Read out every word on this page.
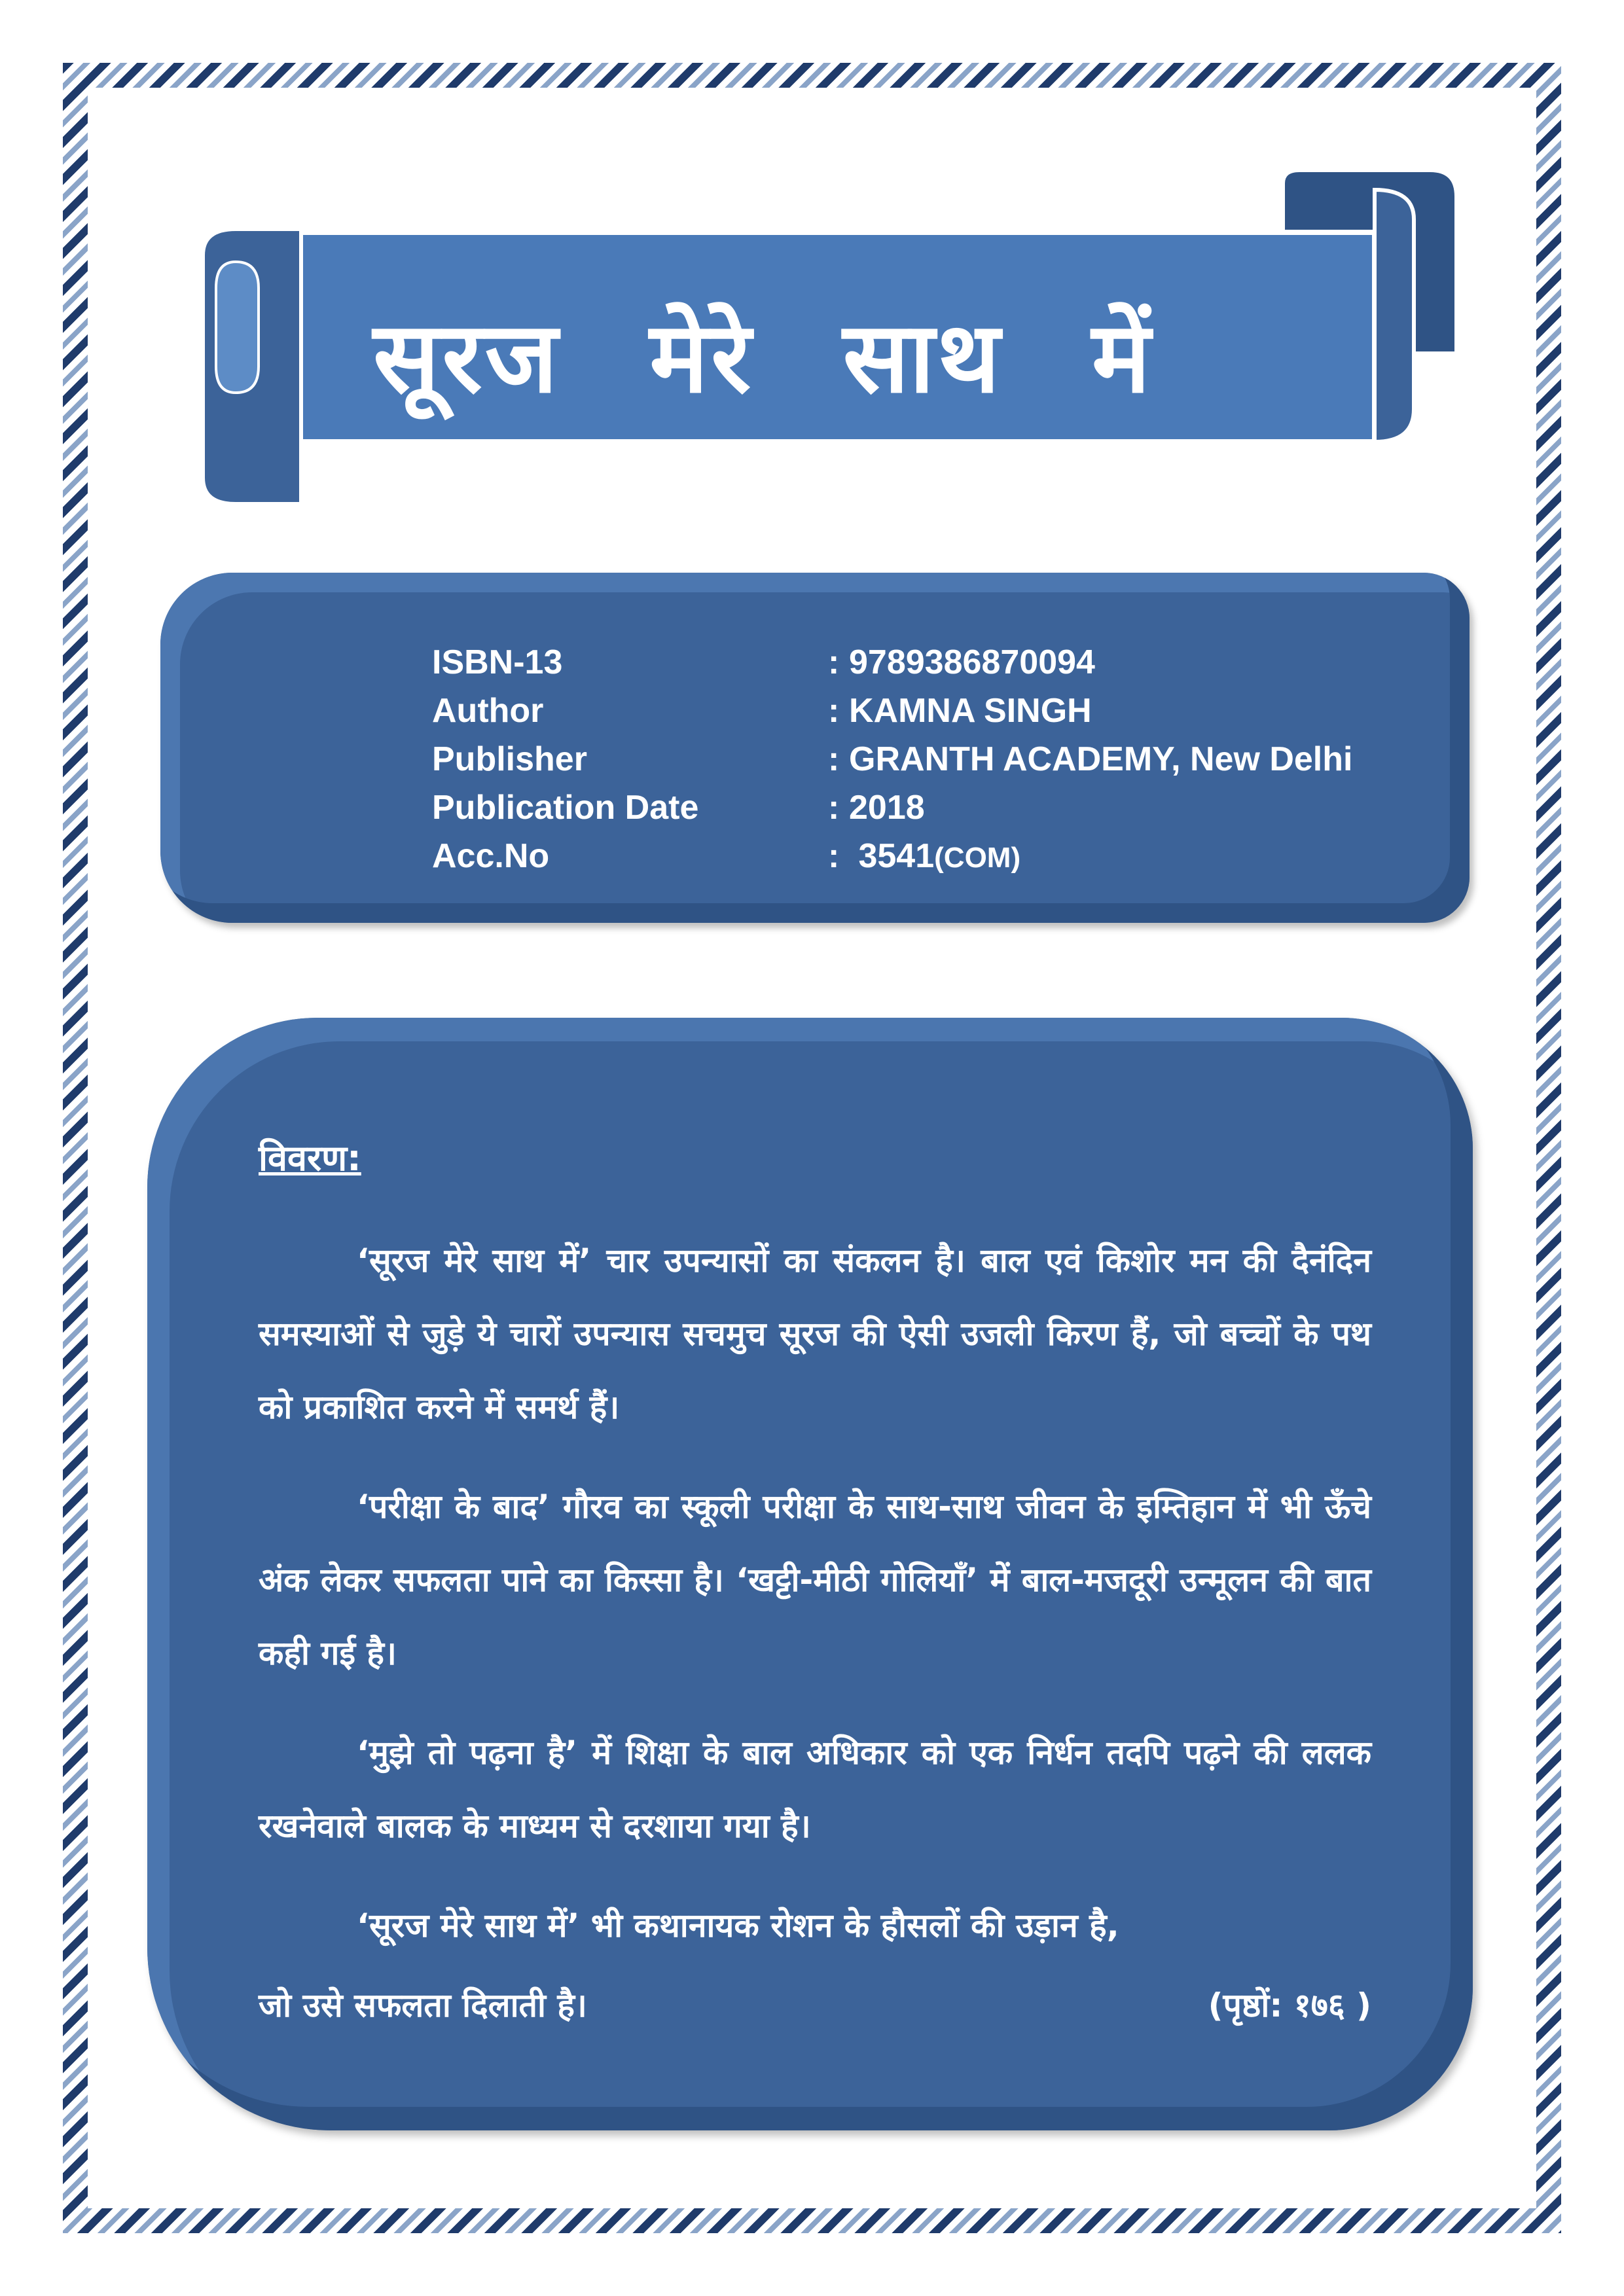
सूरज मेरे साथ में
ISBN-13	: 9789386870094
Author	: KAMNA SINGH
Publisher	: GRANTH ACADEMY, New Delhi
Publication Date	: 2018
Acc.No	: 3541(COM)
विवरण:

‘सूरज मेरे साथ में’ चार उपन्यासों का संकलन है। बाल एवं किशोर मन की दैनंदिन समस्याओं से जुड़े ये चारों उपन्यास सचमुच सूरज की ऐसी उजली किरण हैं, जो बच्चों के पथ को प्रकाशित करने में समर्थ हैं।

‘परीक्षा के बाद’ गौरव का स्कूली परीक्षा के साथ-साथ जीवन के इम्तिहान में भी ऊँचे अंक लेकर सफलता पाने का किस्सा है। ‘खट्टी-मीठी गोलियाँ’ में बाल-मजदूरी उन्मूलन की बात कही गई है।

‘मुझे तो पढ़ना है’ में शिक्षा के बाल अधिकार को एक निर्धन तदपि पढ़ने की ललक रखनेवाले बालक के माध्यम से दरशाया गया है।

‘सूरज मेरे साथ में’ भी कथानायक रोशन के हौसलों की उड़ान है,

जो उसे सफलता दिलाती है।	(पृष्ठों: १७६ )
